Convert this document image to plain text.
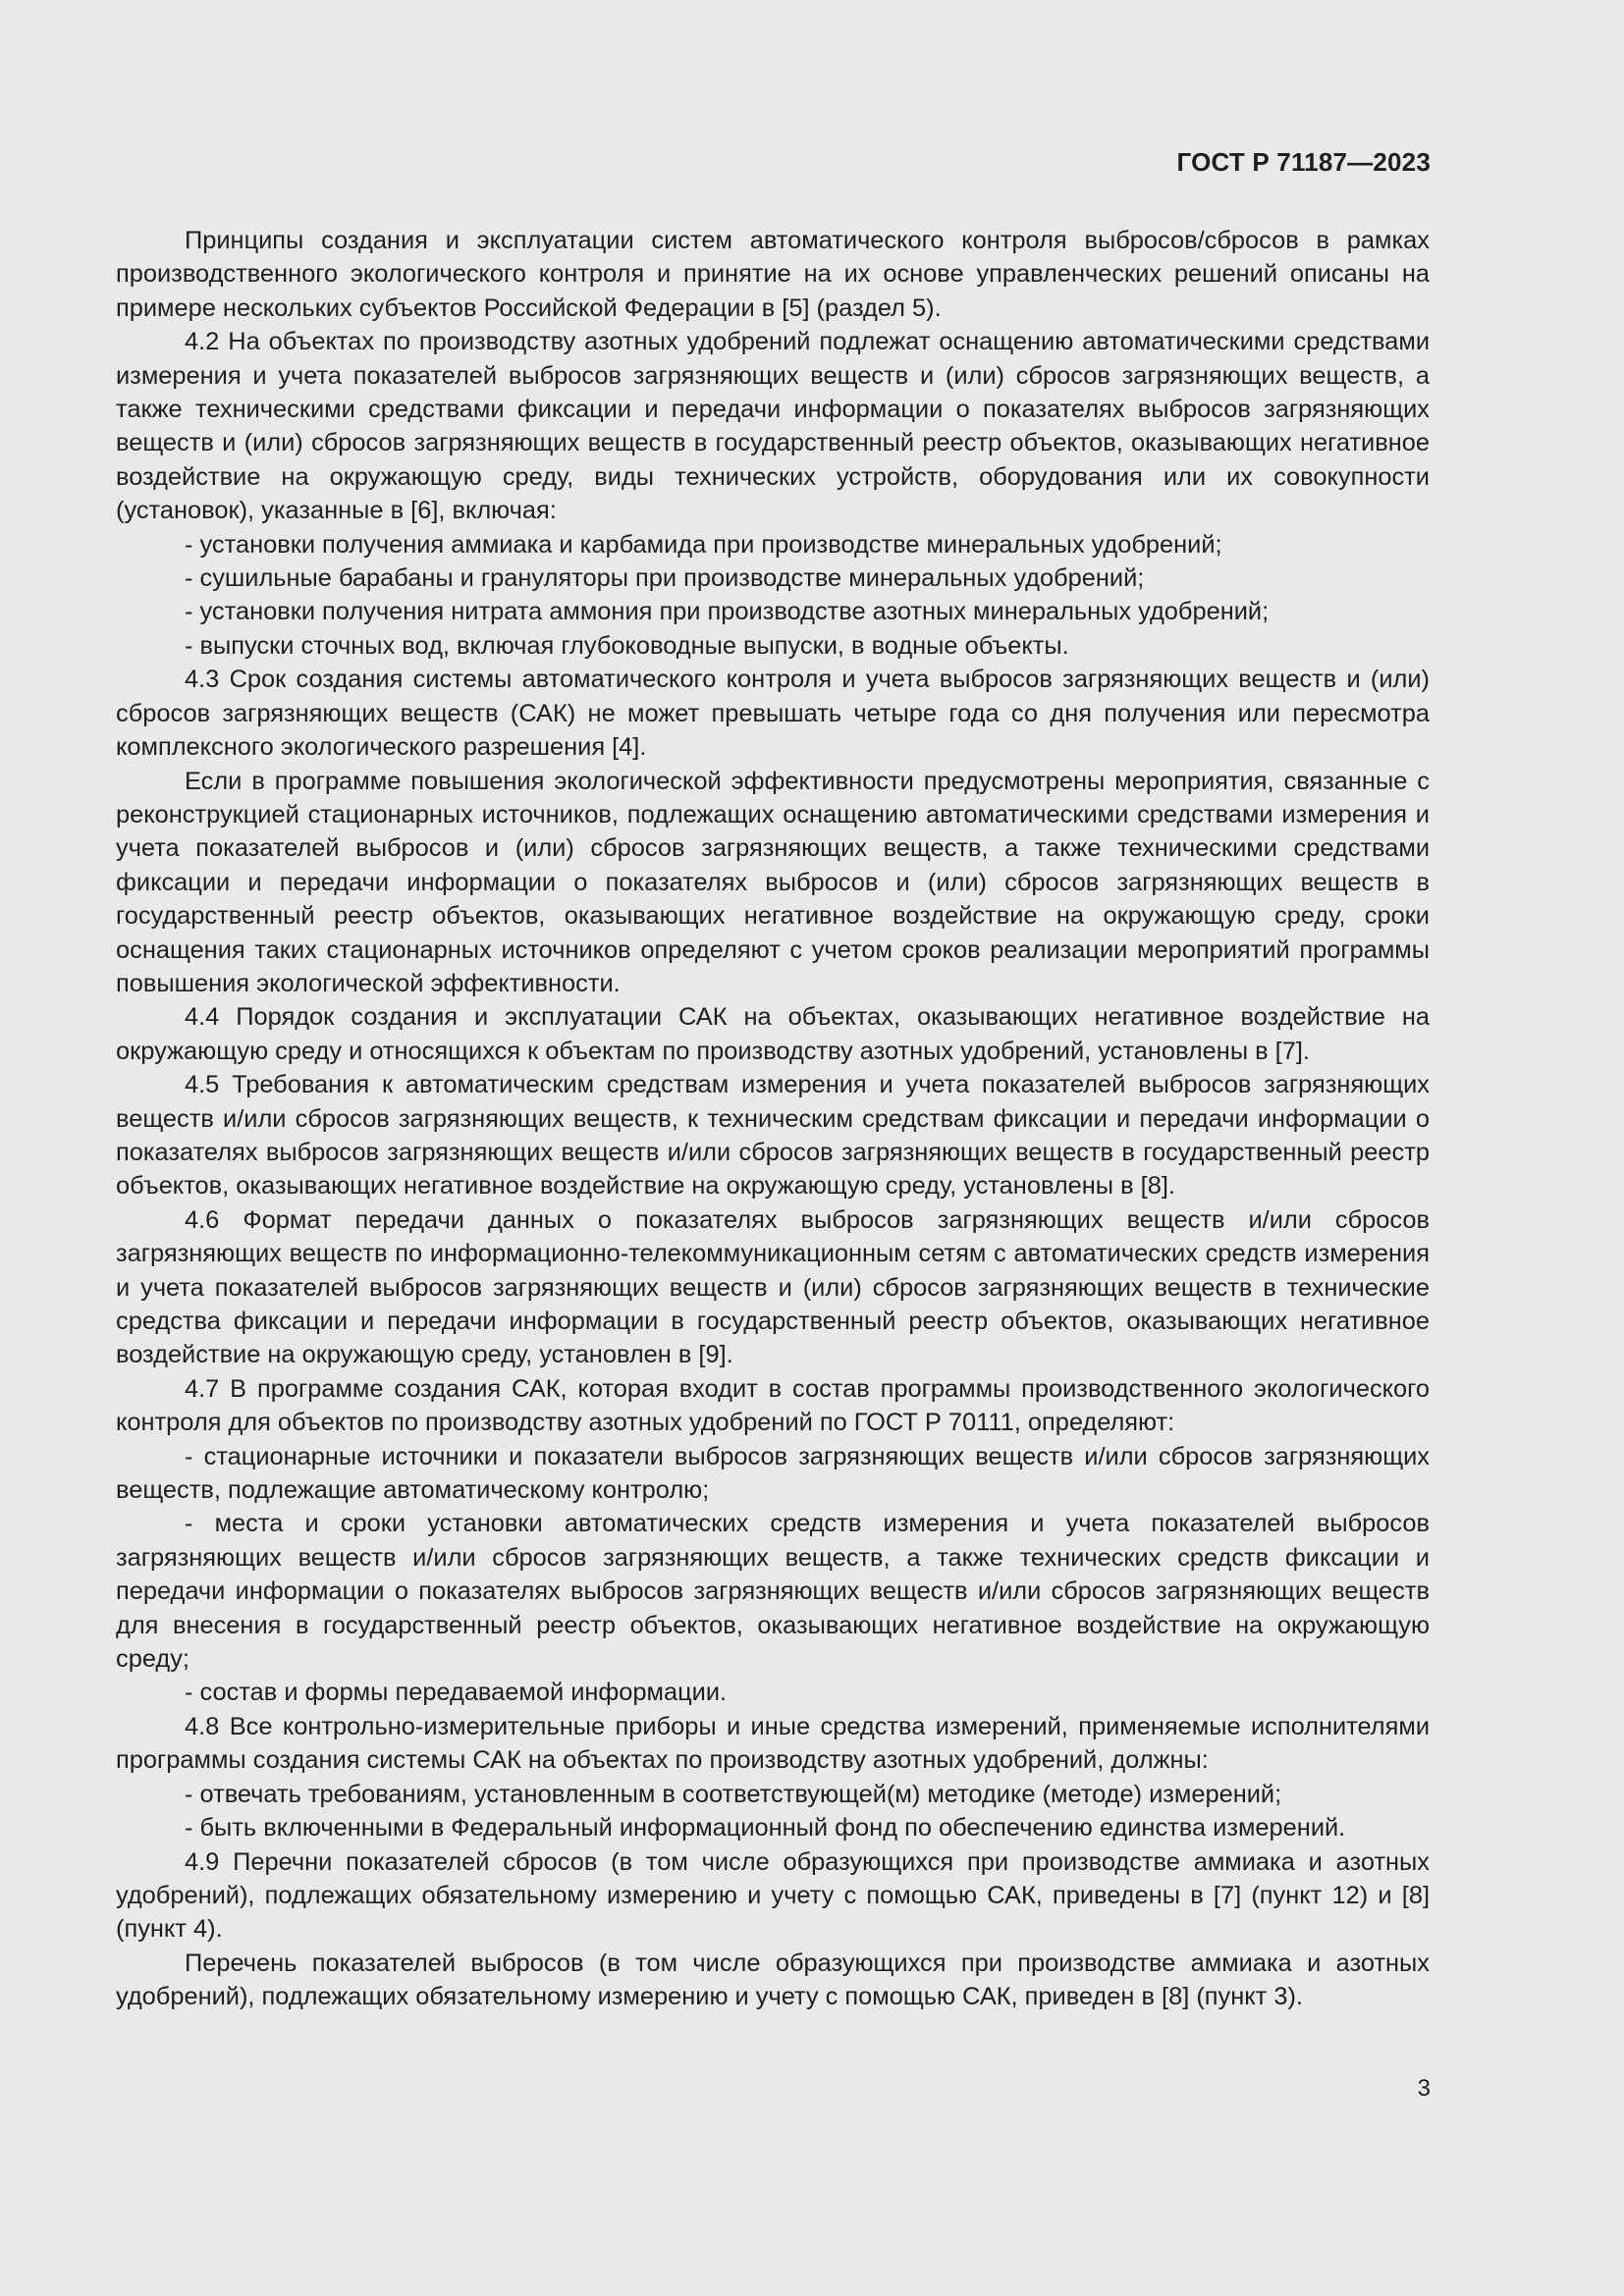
ГОСТ Р 71187—2023

Принципы создания и эксплуатации систем автоматического контроля выбросов/сбросов в рамках производственного экологического контроля и принятие на их основе управленческих решений описаны на примере нескольких субъектов Российской Федерации в [5] (раздел 5).

4.2 На объектах по производству азотных удобрений подлежат оснащению автоматическими средствами измерения и учета показателей выбросов загрязняющих веществ и (или) сбросов загрязняющих веществ, а также техническими средствами фиксации и передачи информации о показателях выбросов загрязняющих веществ и (или) сбросов загрязняющих веществ в государственный реестр объектов, оказывающих негативное воздействие на окружающую среду, виды технических устройств, оборудования или их совокупности (установок), указанные в [6], включая:

- установки получения аммиака и карбамида при производстве минеральных удобрений;

- сушильные барабаны и грануляторы при производстве минеральных удобрений;

- установки получения нитрата аммония при производстве азотных минеральных удобрений;

- выпуски сточных вод, включая глубоководные выпуски, в водные объекты.

4.3 Срок создания системы автоматического контроля и учета выбросов загрязняющих веществ и (или) сбросов загрязняющих веществ (САК) не может превышать четыре года со дня получения или пересмотра комплексного экологического разрешения [4].

Если в программе повышения экологической эффективности предусмотрены мероприятия, связанные с реконструкцией стационарных источников, подлежащих оснащению автоматическими средствами измерения и учета показателей выбросов и (или) сбросов загрязняющих веществ, а также техническими средствами фиксации и передачи информации о показателях выбросов и (или) сбросов загрязняющих веществ в государственный реестр объектов, оказывающих негативное воздействие на окружающую среду, сроки оснащения таких стационарных источников определяют с учетом сроков реализации мероприятий программы повышения экологической эффективности.

4.4 Порядок создания и эксплуатации САК на объектах, оказывающих негативное воздействие на окружающую среду и относящихся к объектам по производству азотных удобрений, установлены в [7].

4.5 Требования к автоматическим средствам измерения и учета показателей выбросов загрязняющих веществ и/или сбросов загрязняющих веществ, к техническим средствам фиксации и передачи информации о показателях выбросов загрязняющих веществ и/или сбросов загрязняющих веществ в государственный реестр объектов, оказывающих негативное воздействие на окружающую среду, установлены в [8].

4.6 Формат передачи данных о показателях выбросов загрязняющих веществ и/или сбросов загрязняющих веществ по информационно-телекоммуникационным сетям с автоматических средств измерения и учета показателей выбросов загрязняющих веществ и (или) сбросов загрязняющих веществ в технические средства фиксации и передачи информации в государственный реестр объектов, оказывающих негативное воздействие на окружающую среду, установлен в [9].

4.7 В программе создания САК, которая входит в состав программы производственного экологического контроля для объектов по производству азотных удобрений по ГОСТ Р 70111, определяют:

- стационарные источники и показатели выбросов загрязняющих веществ и/или сбросов загрязняющих веществ, подлежащие автоматическому контролю;

- места и сроки установки автоматических средств измерения и учета показателей выбросов загрязняющих веществ и/или сбросов загрязняющих веществ, а также технических средств фиксации и передачи информации о показателях выбросов загрязняющих веществ и/или сбросов загрязняющих веществ для внесения в государственный реестр объектов, оказывающих негативное воздействие на окружающую среду;

- состав и формы передаваемой информации.

4.8 Все контрольно-измерительные приборы и иные средства измерений, применяемые исполнителями программы создания системы САК на объектах по производству азотных удобрений, должны:

- отвечать требованиям, установленным в соответствующей(м) методике (методе) измерений;

- быть включенными в Федеральный информационный фонд по обеспечению единства измерений.

4.9 Перечни показателей сбросов (в том числе образующихся при производстве аммиака и азотных удобрений), подлежащих обязательному измерению и учету с помощью САК, приведены в [7] (пункт 12) и [8] (пункт 4).

Перечень показателей выбросов (в том числе образующихся при производстве аммиака и азотных удобрений), подлежащих обязательному измерению и учету с помощью САК, приведен в [8] (пункт 3).

3
